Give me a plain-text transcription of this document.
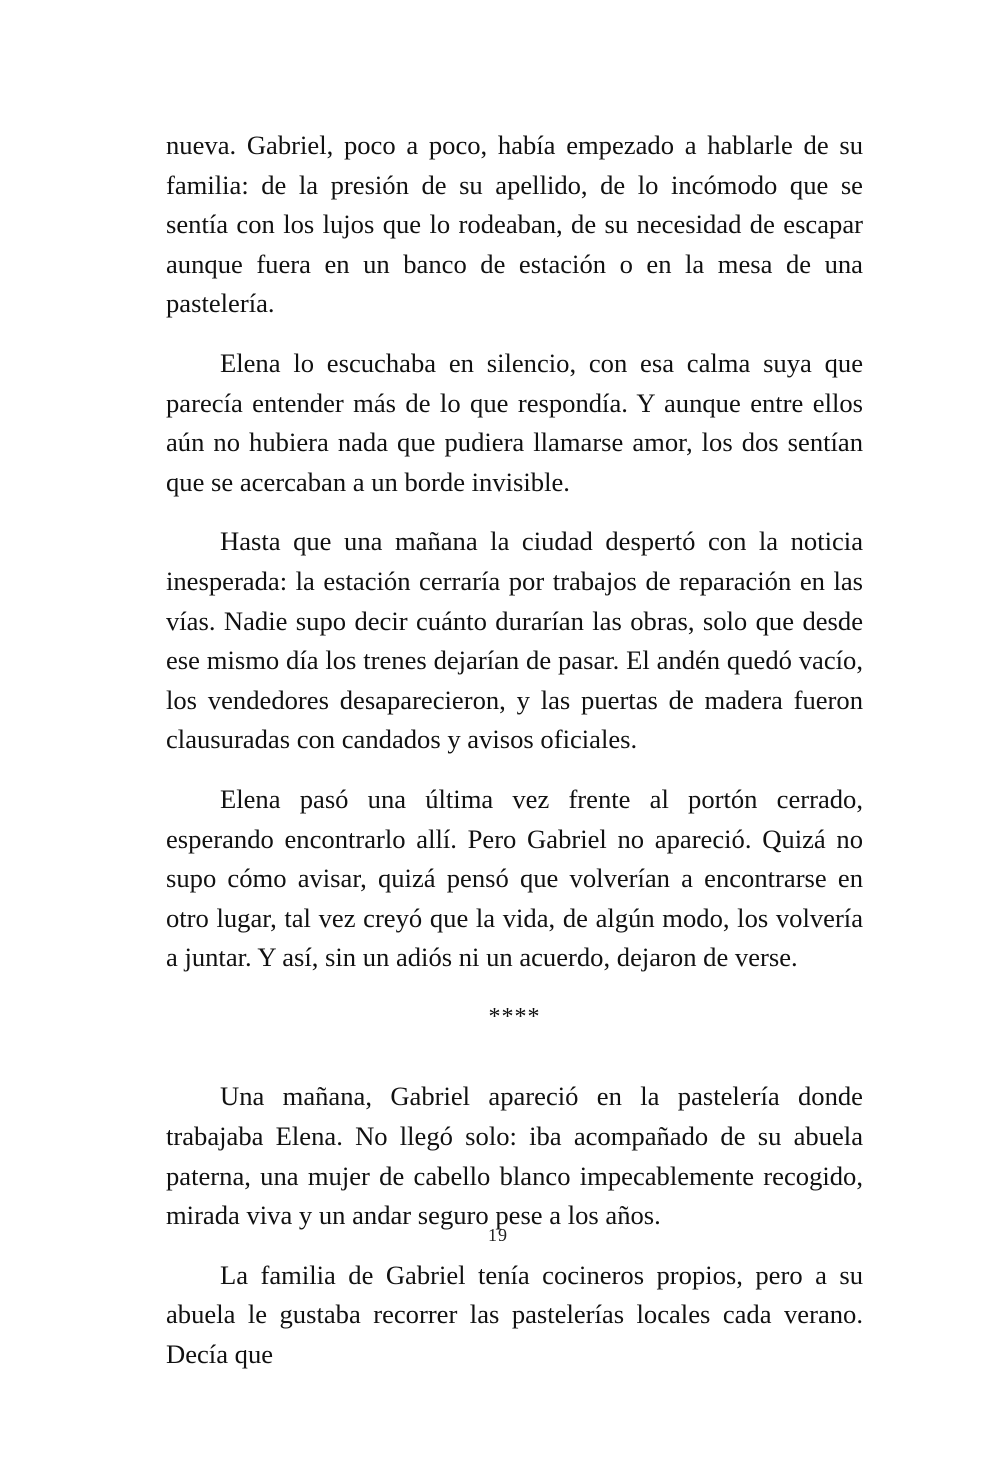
nueva. Gabriel, poco a poco, había empezado a hablarle de su familia: de la presión de su apellido, de lo incómodo que se sentía con los lujos que lo rodeaban, de su necesidad de escapar aunque fuera en un banco de estación o en la mesa de una pastelería.

Elena lo escuchaba en silencio, con esa calma suya que parecía entender más de lo que respondía. Y aunque entre ellos aún no hubiera nada que pudiera llamarse amor, los dos sentían que se acercaban a un borde invisible.

Hasta que una mañana la ciudad despertó con la noticia inesperada: la estación cerraría por trabajos de reparación en las vías. Nadie supo decir cuánto durarían las obras, solo que desde ese mismo día los trenes dejarían de pasar. El andén quedó vacío, los vendedores desaparecieron, y las puertas de madera fueron clausuradas con candados y avisos oficiales.

Elena pasó una última vez frente al portón cerrado, esperando encontrarlo allí. Pero Gabriel no apareció. Quizá no supo cómo avisar, quizá pensó que volverían a encontrarse en otro lugar, tal vez creyó que la vida, de algún modo, los volvería a juntar. Y así, sin un adiós ni un acuerdo, dejaron de verse.

****

Una mañana, Gabriel apareció en la pastelería donde trabajaba Elena. No llegó solo: iba acompañado de su abuela paterna, una mujer de cabello blanco impecablemente recogido, mirada viva y un andar seguro pese a los años.

La familia de Gabriel tenía cocineros propios, pero a su abuela le gustaba recorrer las pastelerías locales cada verano. Decía que

19
